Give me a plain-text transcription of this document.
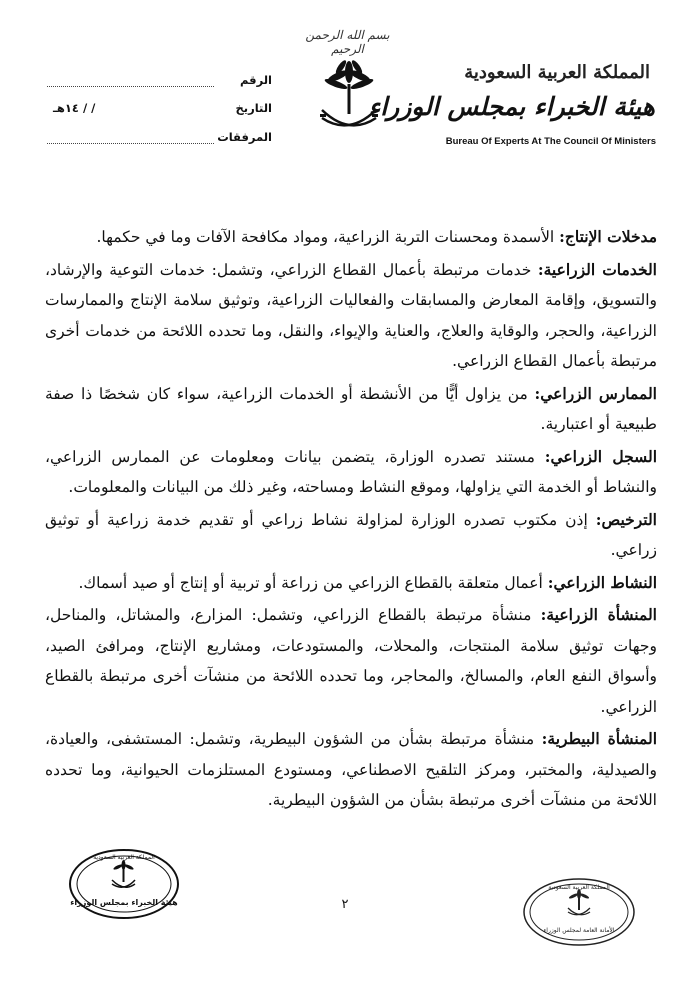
بسم الله الرحمن الرحيم
المملكة العربية السعودية
هيئة الخبراء بمجلس الوزراء
Bureau Of Experts At The Council Of Ministers
الرقم
التاريخ
/ / ١٤هـ
المرفقات

مدخلات الإنتاج: الأسمدة ومحسنات التربة الزراعية، ومواد مكافحة الآفات وما في حكمها.

الخدمات الزراعية: خدمات مرتبطة بأعمال القطاع الزراعي، وتشمل: خدمات التوعية والإرشاد، والتسويق، وإقامة المعارض والمسابقات والفعاليات الزراعية، وتوثيق سلامة الإنتاج والممارسات الزراعية، والحجر، والوقاية والعلاج، والعناية والإيواء، والنقل، وما تحدده اللائحة من خدمات أخرى مرتبطة بأعمال القطاع الزراعي.

الممارس الزراعي: من يزاول أيًّا من الأنشطة أو الخدمات الزراعية، سواء كان شخصًا ذا صفة طبيعية أو اعتبارية.

السجل الزراعي: مستند تصدره الوزارة، يتضمن بيانات ومعلومات عن الممارس الزراعي، والنشاط أو الخدمة التي يزاولها، وموقع النشاط ومساحته، وغير ذلك من البيانات والمعلومات.

الترخيص: إذن مكتوب تصدره الوزارة لمزاولة نشاط زراعي أو تقديم خدمة زراعية أو توثيق زراعي.

النشاط الزراعي: أعمال متعلقة بالقطاع الزراعي من زراعة أو تربية أو إنتاج أو صيد أسماك.

المنشأة الزراعية: منشأة مرتبطة بالقطاع الزراعي، وتشمل: المزارع، والمشاتل، والمناحل، وجهات توثيق سلامة المنتجات، والمحلات، والمستودعات، ومشاريع الإنتاج، ومرافئ الصيد، وأسواق النفع العام، والمسالخ، والمحاجر، وما تحدده اللائحة من منشآت أخرى مرتبطة بالقطاع الزراعي.

المنشأة البيطرية: منشأة مرتبطة بشأن من الشؤون البيطرية، وتشمل: المستشفى، والعيادة، والصيدلية، والمختبر، ومركز التلقيح الاصطناعي، ومستودع المستلزمات الحيوانية، وما تحدده اللائحة من منشآت أخرى مرتبطة بشأن من الشؤون البيطرية.

المملكة العربية السعودية
هيئة الخبراء بمجلس الوزراء	٢
المملكة العربية السعودية
الأمانة العامة لمجلس الوزراء
